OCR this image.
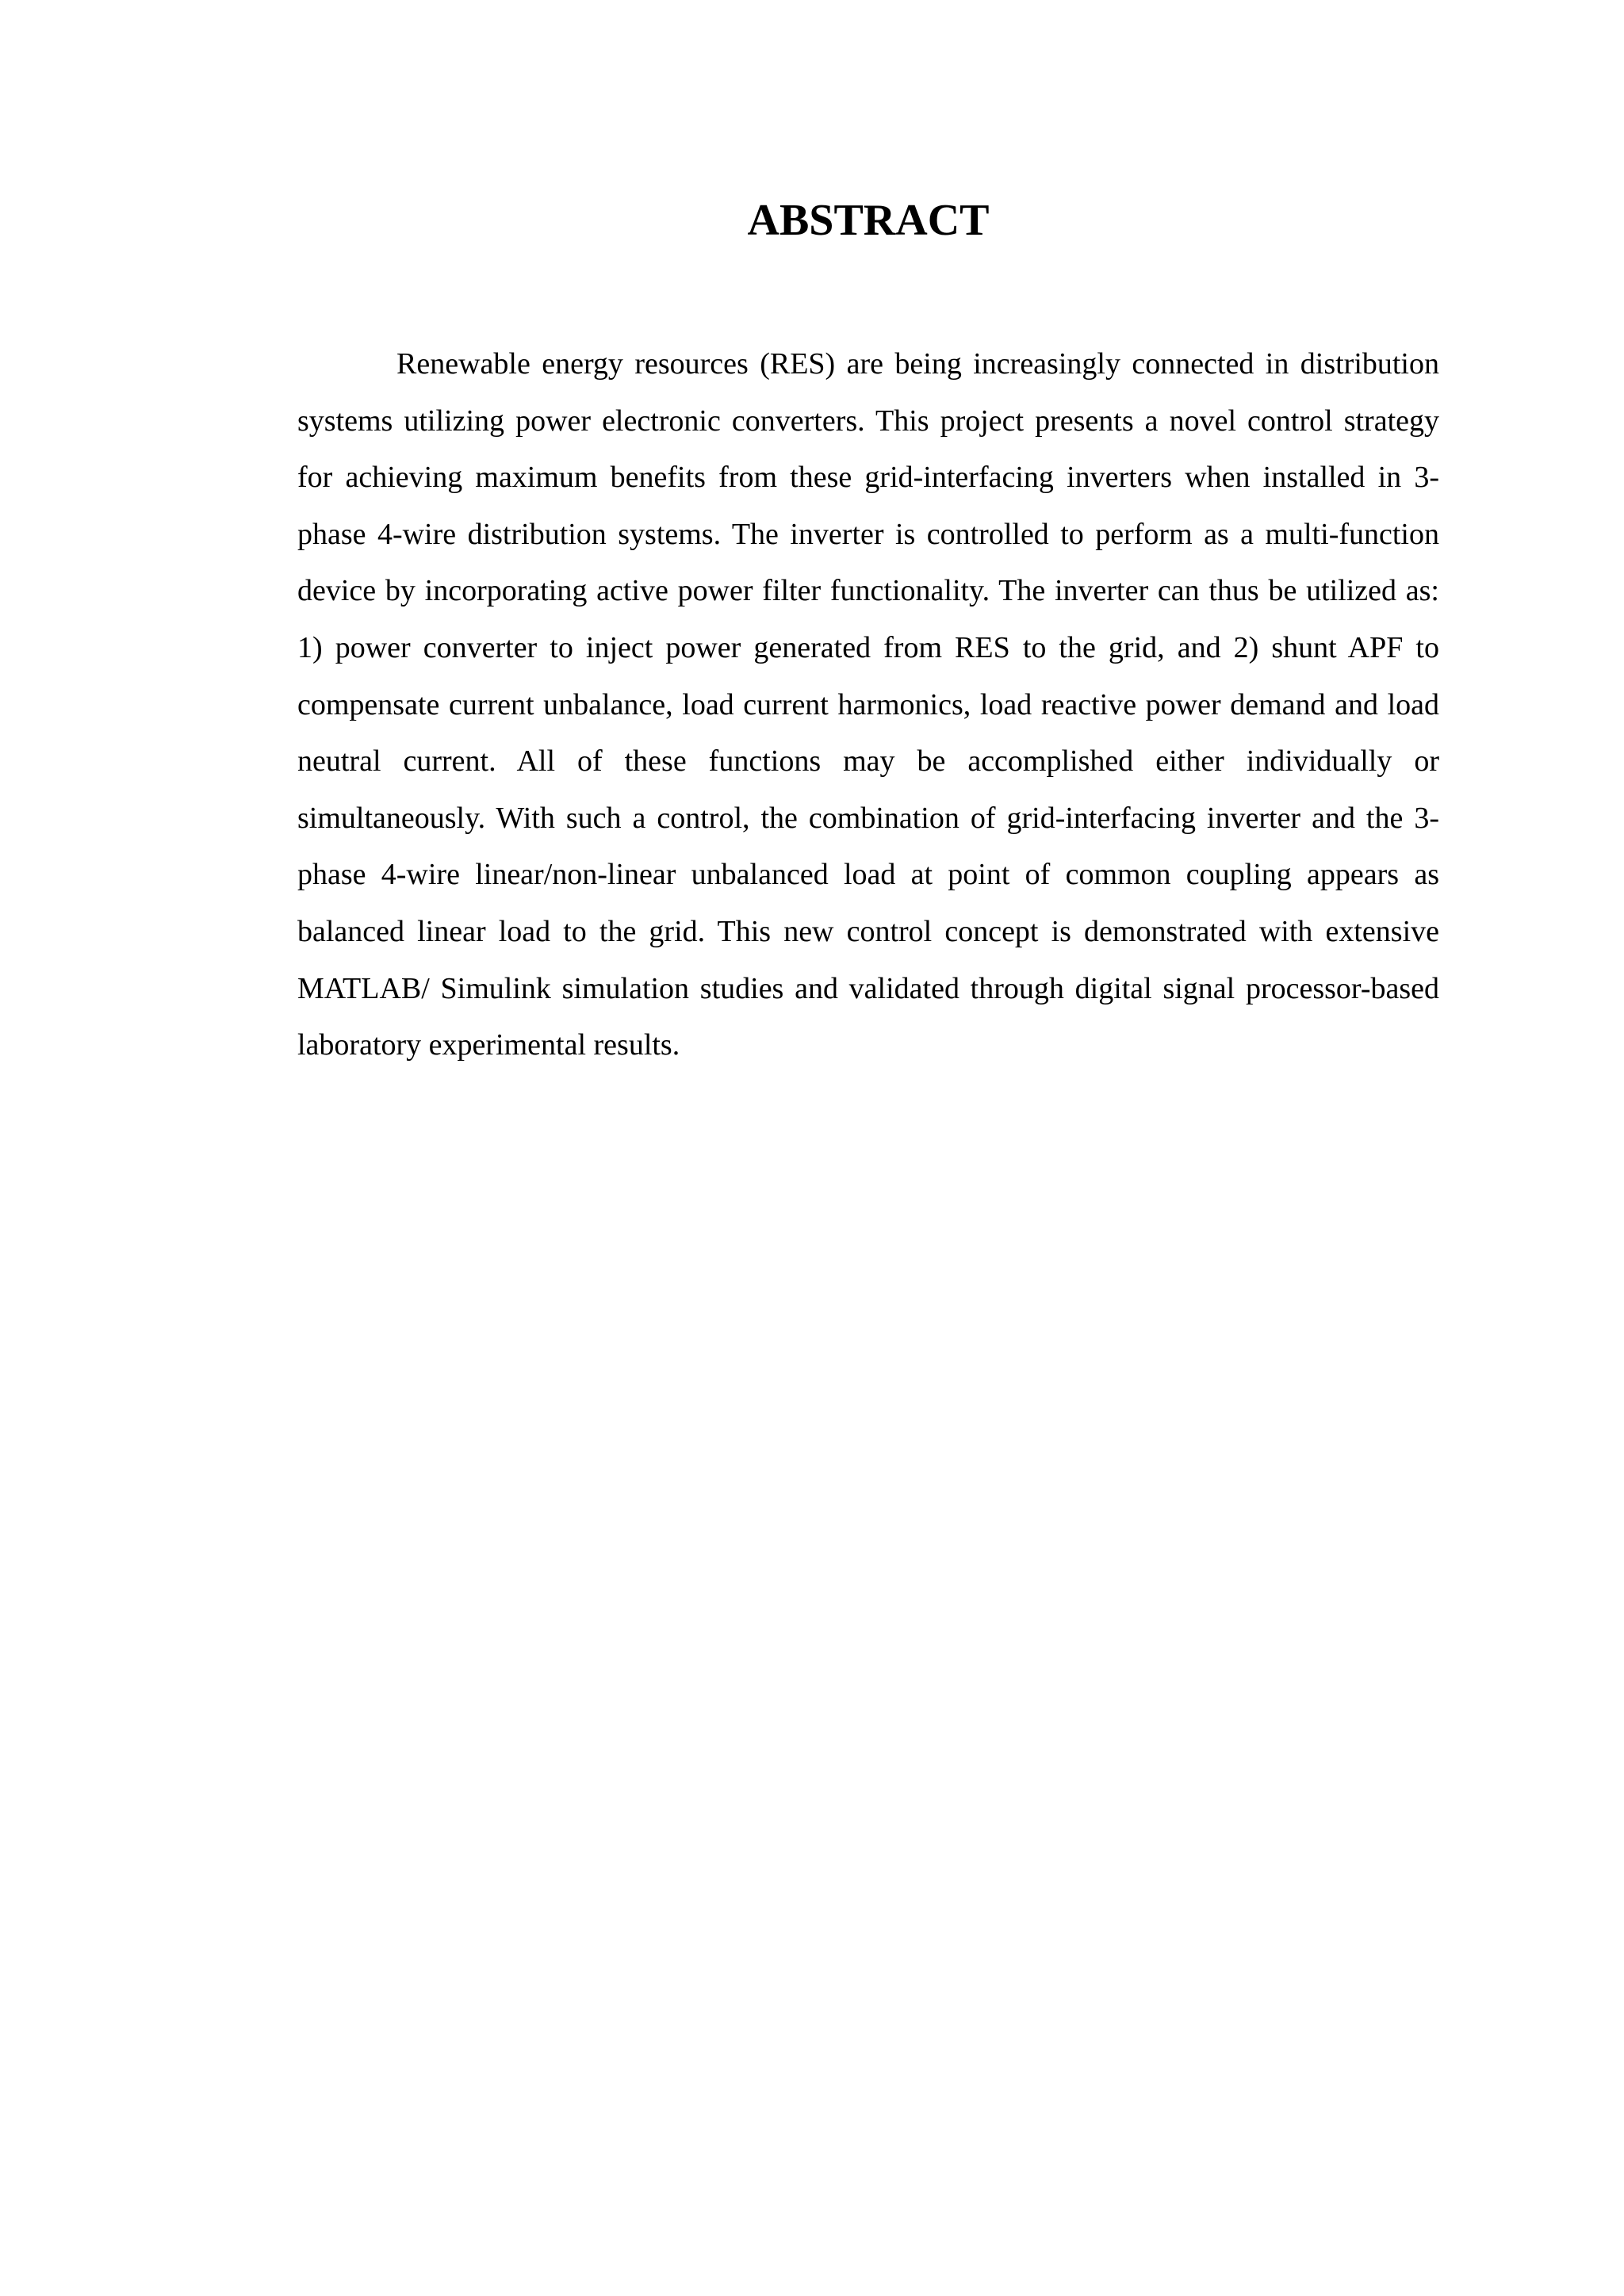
ABSTRACT

Renewable energy resources (RES) are being increasingly connected in distribution systems utilizing power electronic converters. This project presents a novel control strategy for achieving maximum benefits from these grid-interfacing inverters when installed in 3-phase 4-wire distribution systems. The inverter is controlled to perform as a multi-function device by incorporating active power filter functionality. The inverter can thus be utilized as: 1) power converter to inject power generated from RES to the grid, and 2) shunt APF to compensate current unbalance, load current harmonics, load reactive power demand and load neutral current. All of these functions may be accomplished either individually or simultaneously. With such a control, the combination of grid-interfacing inverter and the 3-phase 4-wire linear/non-linear unbalanced load at point of common coupling appears as balanced linear load to the grid. This new control concept is demonstrated with extensive MATLAB/ Simulink simulation studies and validated through digital signal processor-based laboratory experimental results.
